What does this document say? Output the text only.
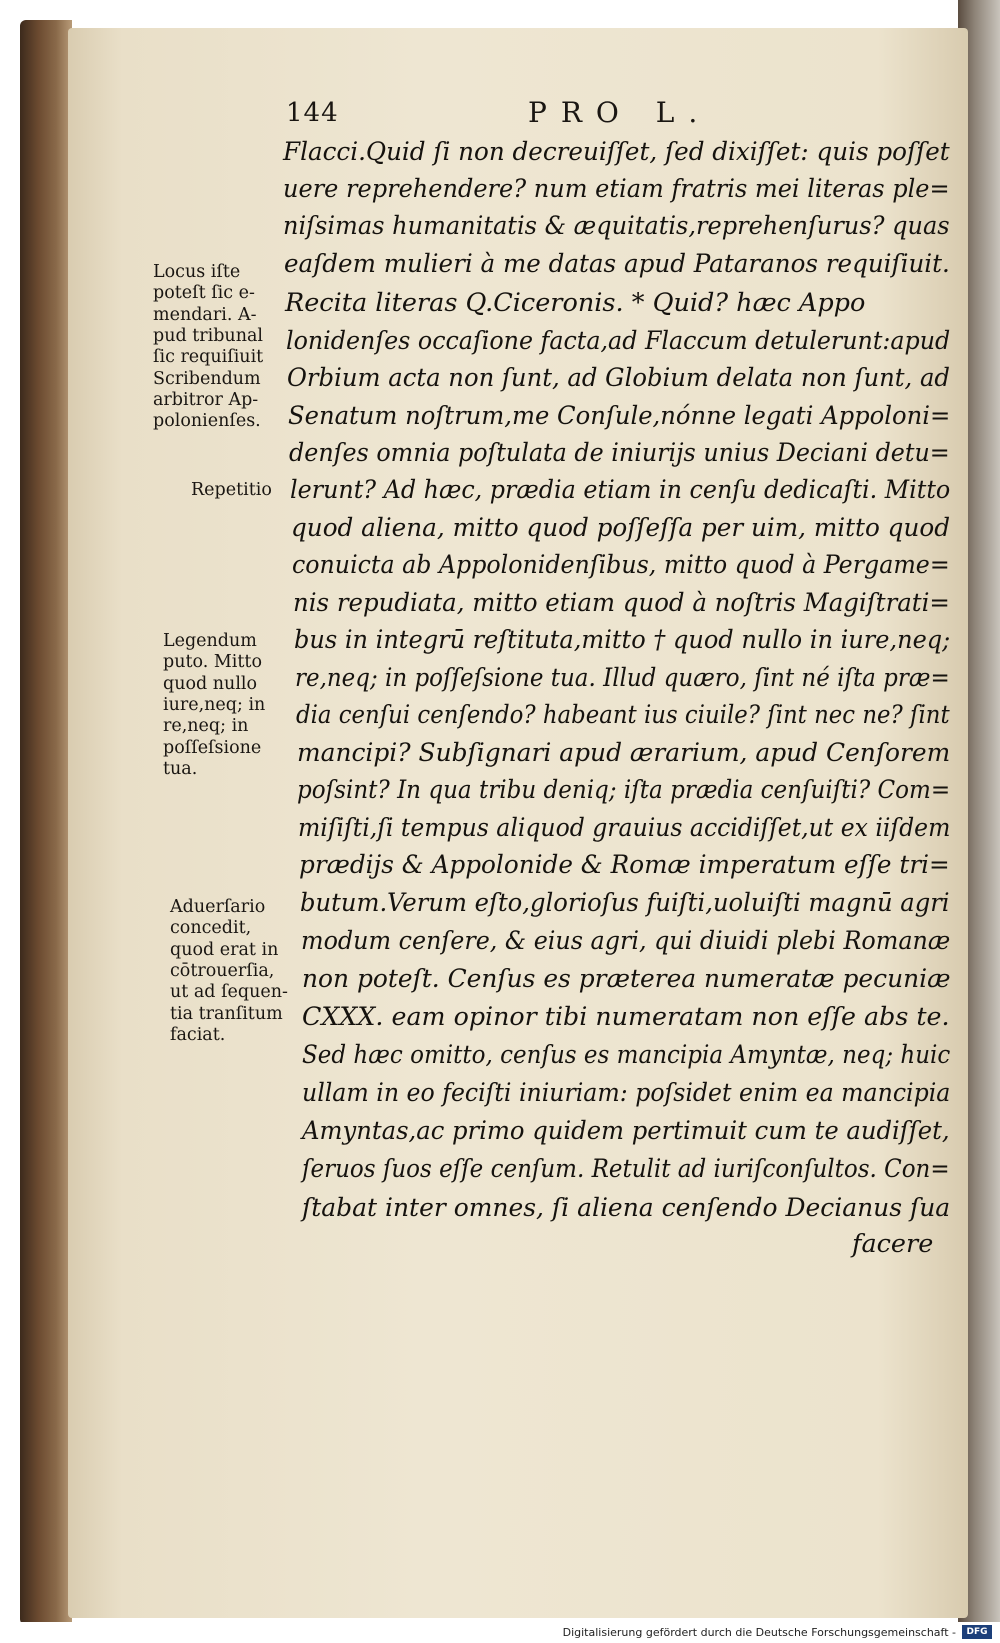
144	PRO L.
Flacci.Quid ſi non decreuiſſet, ſed dixiſſet: quis poſſet
uere reprehendere? num etiam fratris mei literas ple=
niſsimas humanitatis & æquitatis,reprehenſurus? quas
eaſdem mulieri à me datas apud Pataranos requiſiuit.
Recita literas Q.Ciceronis. * Quid? hæc Appo
lonidenſes occaſione facta,ad Flaccum detulerunt:apud
Orbium acta non ſunt, ad Globium delata non ſunt, ad
Senatum noſtrum,me Conſule,nónne legati Appoloni=
denſes omnia poſtulata de iniurijs unius Deciani detu=
lerunt? Ad hæc, prædia etiam in cenſu dedicaſti. Mitto
quod aliena, mitto quod poſſeſſa per uim, mitto quod
conuicta ab Appolonidenſibus, mitto quod à Pergame=
nis repudiata, mitto etiam quod à noſtris Magiſtrati=
bus in integrū reſtituta,mitto † quod nullo in iure,neq;
re,neq; in poſſeſsione tua. Illud quæro, ſint né iſta præ=
dia cenſui cenſendo? habeant ius ciuile? ſint nec ne? ſint
mancipi? Subſignari apud ærarium, apud Cenſorem
poſsint? In qua tribu deniq; iſta prædia cenſuiſti? Com=
miſiſti,ſi tempus aliquod grauius accidiſſet,ut ex iiſdem
prædijs & Appolonide & Romæ imperatum eſſe tri=
butum.Verum eſto,glorioſus fuiſti,uoluiſti magnū agri
modum cenſere, & eius agri, qui diuidi plebi Romanæ
non poteſt. Cenſus es præterea numeratæ pecuniæ
CXXX. eam opinor tibi numeratam non eſſe abs te.
Sed hæc omitto, cenſus es mancipia Amyntæ, neq; huic
ullam in eo feciſti iniuriam: poſsidet enim ea mancipia
Amyntas,ac primo quidem pertimuit cum te audiſſet,
ſeruos ſuos eſſe cenſum. Retulit ad iuriſconſultos. Con=
ſtabat inter omnes, ſi aliena cenſendo Decianus ſua
facere
Locus iſte
poteſt ſic e-
mendari. A-
pud tribunal
ſic requiſiuit
Scribendum
arbitror Ap-
polonienſes.
Repetitio
Legendum
puto. Mitto
quod nullo
iure,neq; in
re,neq; in
poſſeſsione
tua.
Aduerſario
concedit,
quod erat in
cōtrouerſia,
ut ad ſequen-
tia tranſitum
faciat.
Digitalisierung gefördert durch die Deutsche Forschungsgemeinschaft -	DFG
